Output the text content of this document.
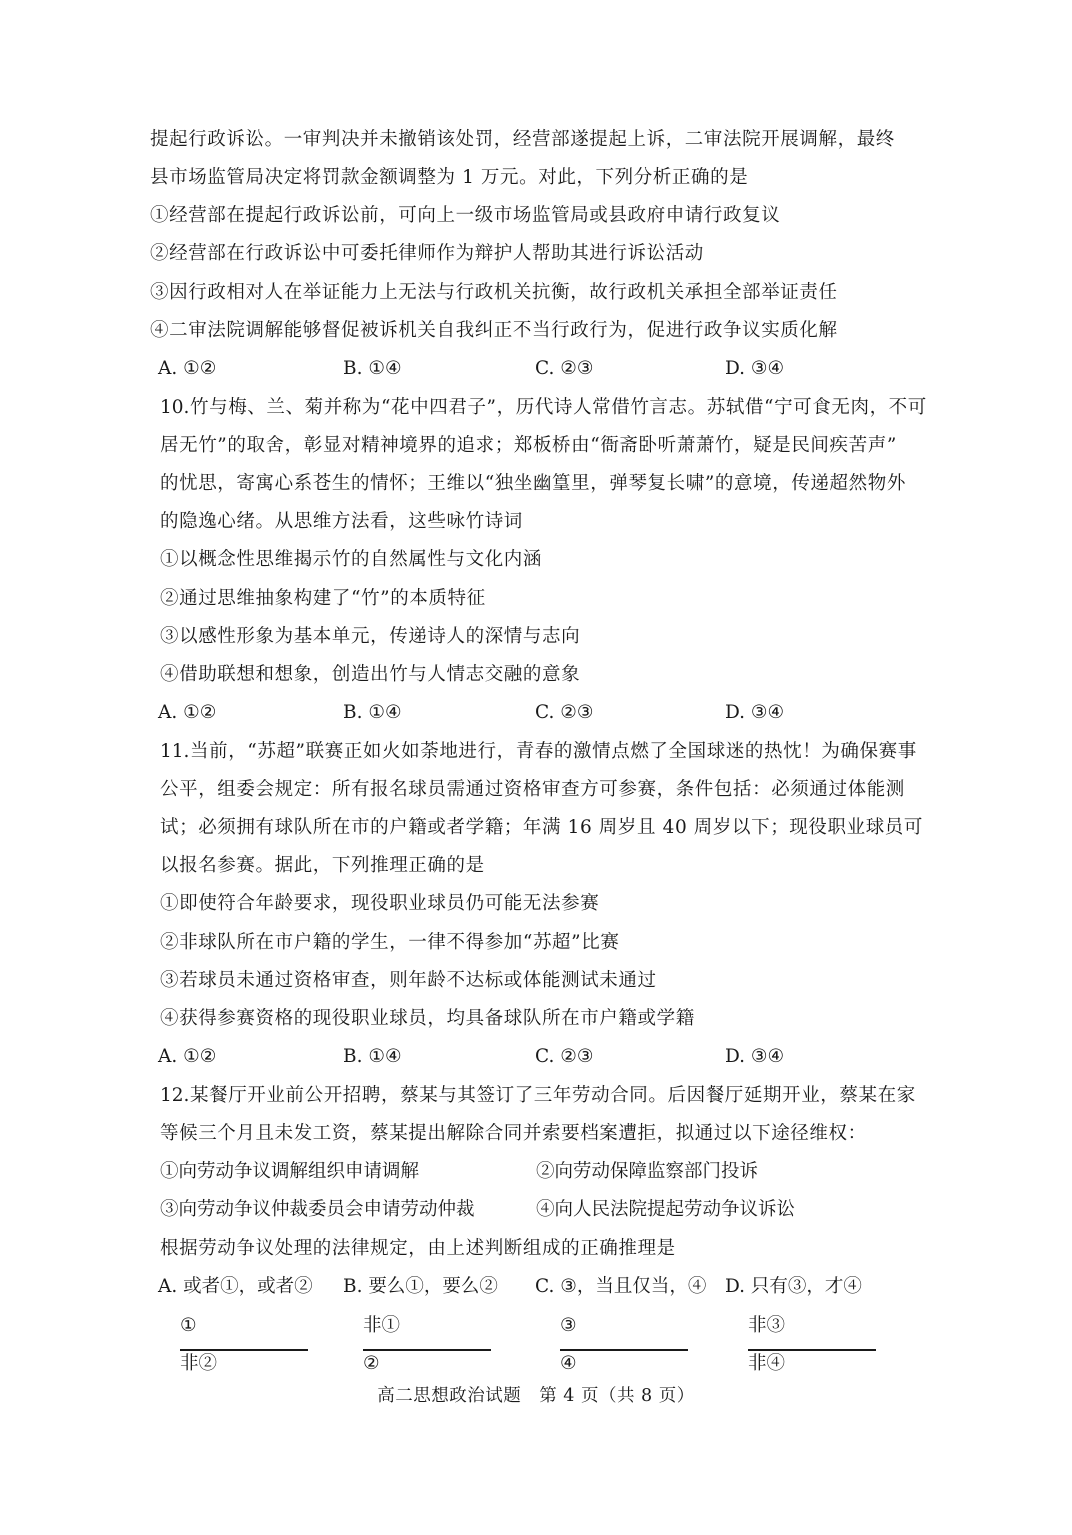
提起行政诉讼。一审判决并未撤销该处罚，经营部遂提起上诉，二审法院开展调解，最终
县市场监管局决定将罚款金额调整为 1 万元。对此，下列分析正确的是
①经营部在提起行政诉讼前，可向上一级市场监管局或县政府申请行政复议
②经营部在行政诉讼中可委托律师作为辩护人帮助其进行诉讼活动
③因行政相对人在举证能力上无法与行政机关抗衡，故行政机关承担全部举证责任
④二审法院调解能够督促被诉机关自我纠正不当行政行为，促进行政争议实质化解
A. ①②	B. ①④	C. ②③	D. ③④
10. 竹与梅、兰、菊并称为“花中四君子”，历代诗人常借竹言志。苏轼借“宁可食无肉，不可
居无竹”的取舍，彰显对精神境界的追求；郑板桥由“衙斋卧听萧萧竹，疑是民间疾苦声”
的忧思，寄寓心系苍生的情怀；王维以“独坐幽篁里，弹琴复长啸”的意境，传递超然物外
的隐逸心绪。从思维方法看，这些咏竹诗词
①以概念性思维揭示竹的自然属性与文化内涵
②通过思维抽象构建了“竹”的本质特征
③以感性形象为基本单元，传递诗人的深情与志向
④借助联想和想象，创造出竹与人情志交融的意象
A. ①②	B. ①④	C. ②③	D. ③④
11. 当前，“苏超”联赛正如火如荼地进行，青春的激情点燃了全国球迷的热忱！为确保赛事
公平，组委会规定：所有报名球员需通过资格审查方可参赛，条件包括：必须通过体能测
试；必须拥有球队所在市的户籍或者学籍；年满 16 周岁且 40 周岁以下；现役职业球员可
以报名参赛。据此，下列推理正确的是
①即使符合年龄要求，现役职业球员仍可能无法参赛
②非球队所在市户籍的学生，一律不得参加“苏超”比赛
③若球员未通过资格审查，则年龄不达标或体能测试未通过
④获得参赛资格的现役职业球员，均具备球队所在市户籍或学籍
A. ①②	B. ①④	C. ②③	D. ③④
12. 某餐厅开业前公开招聘，蔡某与其签订了三年劳动合同。后因餐厅延期开业，蔡某在家
等候三个月且未发工资，蔡某提出解除合同并索要档案遭拒，拟通过以下途径维权：
①向劳动争议调解组织申请调解	②向劳动保障监察部门投诉
③向劳动争议仲裁委员会申请劳动仲裁	④向人民法院提起劳动争议诉讼
根据劳动争议处理的法律规定，由上述判断组成的正确推理是
A. 或者①，或者② B. 要么①，要么② C. ③，当且仅当，④ D. 只有③，才④
①
非②
非①
②
③
④
非③
非④
高二思想政治试题　第 4 页（共 8 页）
